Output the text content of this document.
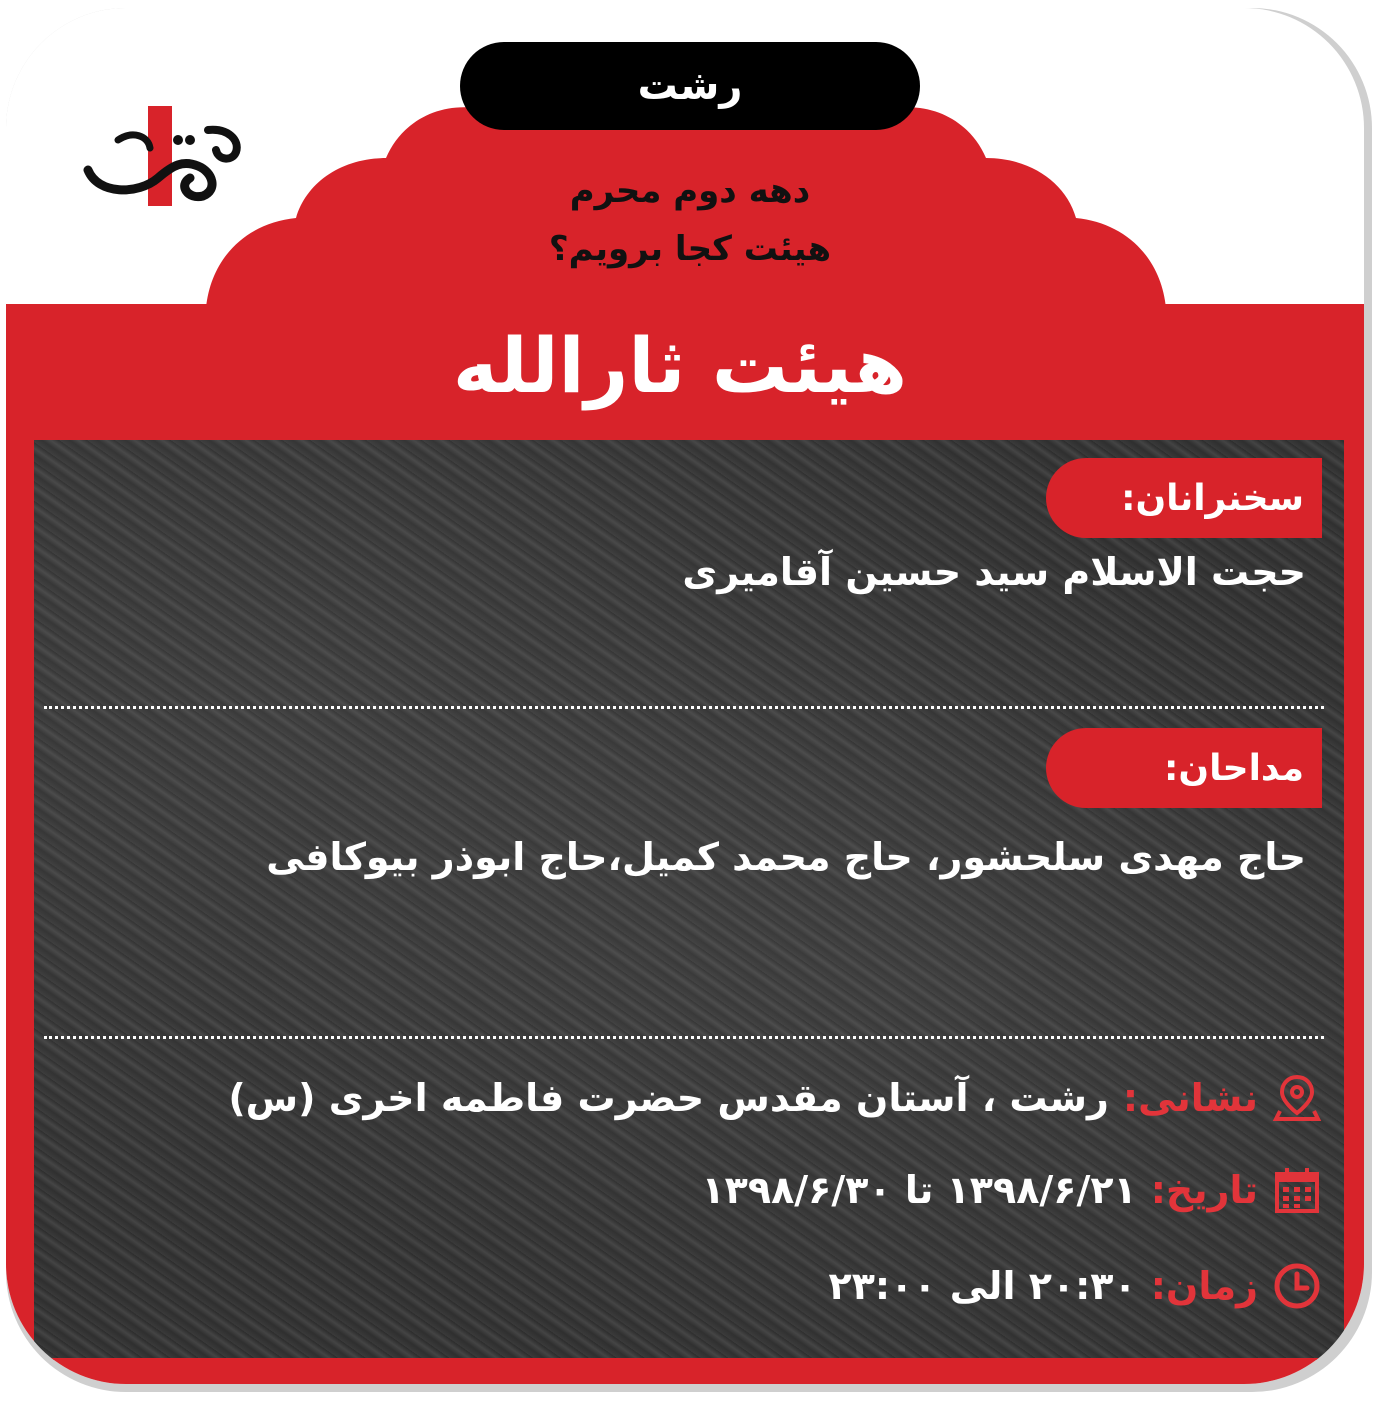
رشت
دهه دوم محرم
هیئت کجا برویم؟
هیئت ثارالله
سخنرانان:
حجت الاسلام سید حسین آقامیری
مداحان:
حاج مهدی سلحشور، حاج محمد کمیل،حاج ابوذر بیوکافی
نشانی:
رشت ، آستان مقدس حضرت فاطمه اخری (س)
تاریخ:
۱۳۹۸/۶/۲۱ تا ۱۳۹۸/۶/۳۰
زمان:
۲۰:۳۰ الی ۲۳:۰۰
